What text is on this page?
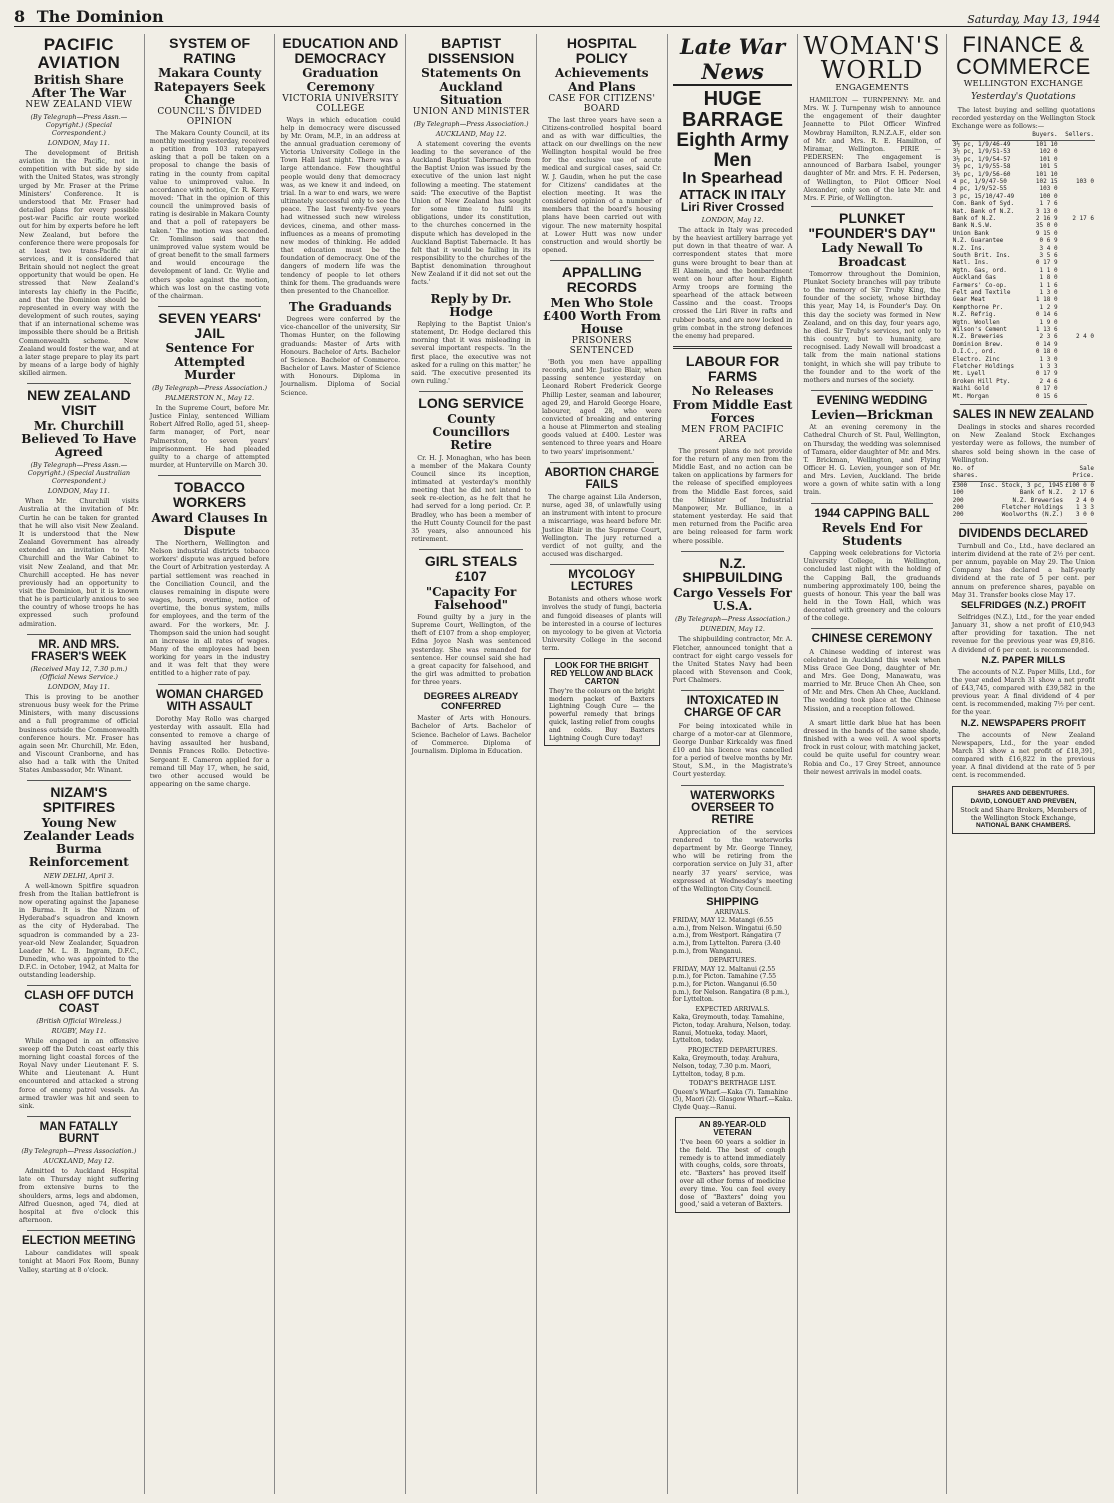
8 The Dominion	Saturday, May 13, 1944
PACIFIC AVIATION
British Share After The War
NEW ZEALAND VIEW
(By Telegraph—Press Assn.—Copyright.) (Special Correspondent.)
LONDON, May 11.
The development of British aviation in the Pacific, not in competition with but side by side with the United States, was strongly urged by Mr. Fraser at the Prime Ministers' Conference. It is understood that Mr. Fraser had detailed plans for every possible post-war Pacific air route worked out for him by experts before he left New Zealand, but before the conference there were proposals for at least two trans-Pacific air services, and it is considered that Britain should not neglect the great opportunity that would be open. He stressed that New Zealand's interests lay chiefly in the Pacific, and that the Dominion should be represented in every way with the development of such routes, saying that if an international scheme was impossible there should be a British Commonwealth scheme. New Zealand would foster the war, and at a later stage prepare to play its part by means of a large body of highly skilled airmen.
NEW ZEALAND VISIT
Mr. Churchill Believed To Have Agreed
(By Telegraph—Press Assn.—Copyright.) (Special Australian Correspondent.)
LONDON, May 11.
When Mr. Churchill visits Australia at the invitation of Mr. Curtin he can be taken for granted that he will also visit New Zealand. It is understood that the New Zealand Government has already extended an invitation to Mr. Churchill and the War Cabinet to visit New Zealand, and that Mr. Churchill accepted. He has never previously had an opportunity to visit the Dominion, but it is known that he is particularly anxious to see the country of whose troops he has expressed such profound admiration.
MR. AND MRS. FRASER'S WEEK
(Received May 12, 7.30 p.m.) (Official News Service.)
LONDON, May 11.
This is proving to be another strenuous busy week for the Prime Ministers, with many discussions and a full programme of official business outside the Commonwealth conference hours. Mr. Fraser has again seen Mr. Churchill, Mr. Eden, and Viscount Cranborne, and has also had a talk with the United States Ambassador, Mr. Winant.
NIZAM'S SPITFIRES
Young New Zealander Leads Burma Reinforcement
NEW DELHI, April 3.
A well-known Spitfire squadron fresh from the Italian battlefront is now operating against the Japanese in Burma. It is the Nizam of Hyderabad's squadron and known as the city of Hyderabad. The squadron is commanded by a 23-year-old New Zealander, Squadron Leader M. L. B. Ingram, D.F.C., Dunedin, who was appointed to the D.F.C. in October, 1942, at Malta for outstanding leadership.
CLASH OFF DUTCH COAST
(British Official Wireless.)
RUGBY, May 11.
While engaged in an offensive sweep off the Dutch coast early this morning light coastal forces of the Royal Navy under Lieutenant F. S. White and Lieutenant A. Hunt encountered and attacked a strong force of enemy patrol vessels. An armed trawler was hit and seen to sink.
MAN FATALLY BURNT
(By Telegraph—Press Association.)
AUCKLAND, May 12.
Admitted to Auckland Hospital late on Thursday night suffering from extensive burns to the shoulders, arms, legs and abdomen, Alfred Guesnon, aged 74, died at hospital at five o'clock this afternoon.
ELECTION MEETING
Labour candidates will speak tonight at Maori Fox Room, Bunny Valley, starting at 8 o'clock.
SYSTEM OF RATING
Makara County Ratepayers Seek Change
COUNCIL'S DIVIDED OPINION
The Makara County Council, at its monthly meeting yesterday, received a petition from 103 ratepayers asking that a poll be taken on a proposal to change the basis of rating in the county from capital value to unimproved value. In accordance with notice, Cr. R. Kerry moved: 'That in the opinion of this council the unimproved basis of rating is desirable in Makara County and that a poll of ratepayers be taken.' The motion was seconded. Cr. Tomlinson said that the unimproved value system would be of great benefit to the small farmers and would encourage the development of land. Cr. Wylie and others spoke against the motion, which was lost on the casting vote of the chairman.
SEVEN YEARS' JAIL
Sentence For Attempted Murder
(By Telegraph—Press Association.)
PALMERSTON N., May 12.
In the Supreme Court, before Mr. Justice Finlay, sentenced William Robert Alfred Rollo, aged 51, sheep-farm manager, of Port, near Palmerston, to seven years' imprisonment. He had pleaded guilty to a charge of attempted murder, at Hunterville on March 30.
TOBACCO WORKERS
Award Clauses In Dispute
The Northern, Wellington and Nelson industrial districts tobacco workers' dispute was argued before the Court of Arbitration yesterday. A partial settlement was reached in the Conciliation Council, and the clauses remaining in dispute were wages, hours, overtime, notice of overtime, the bonus system, mills for employees, and the term of the award. For the workers, Mr. J. Thompson said the union had sought an increase in all rates of wages. Many of the employees had been working for years in the industry and it was felt that they were entitled to a higher rate of pay.
WOMAN CHARGED WITH ASSAULT
Dorothy May Rollo was charged yesterday with assault. Ella had consented to remove a charge of having assaulted her husband, Dennis Frances Rollo. Detective-Sergeant E. Cameron applied for a remand till May 17, when, he said, two other accused would be appearing on the same charge.
EDUCATION AND DEMOCRACY
Graduation Ceremony
VICTORIA UNIVERSITY COLLEGE
Ways in which education could help in democracy were discussed by Mr. Oram, M.P., in an address at the annual graduation ceremony of Victoria University College in the Town Hall last night. There was a large attendance. Few thoughtful people would deny that democracy was, as we knew it and indeed, on trial. In a war to end wars, we were ultimately successful only to see the peace. The last twenty-five years had witnessed such new wireless devices, cinema, and other mass-influences as a means of promoting new modes of thinking. He added that education must be the foundation of democracy. One of the dangers of modern life was the tendency of people to let others think for them. The graduands were then presented to the Chancellor.
The Graduands
Degrees were conferred by the vice-chancellor of the university, Sir Thomas Hunter, on the following graduands: Master of Arts with Honours. Bachelor of Arts. Bachelor of Science. Bachelor of Commerce. Bachelor of Laws. Master of Science with Honours. Diploma in Journalism. Diploma of Social Science.
BAPTIST DISSENSION
Statements On Auckland Situation
UNION AND MINISTER
(By Telegraph—Press Association.)
AUCKLAND, May 12.
A statement covering the events leading to the severance of the Auckland Baptist Tabernacle from the Baptist Union was issued by the executive of the union last night following a meeting. The statement said: 'The executive of the Baptist Union of New Zealand has sought for some time to fulfil its obligations, under its constitution, to the churches concerned in the dispute which has developed in the Auckland Baptist Tabernacle. It has felt that it would be failing in its responsibility to the churches of the Baptist denomination throughout New Zealand if it did not set out the facts.'
Reply by Dr. Hodge
Replying to the Baptist Union's statement, Dr. Hodge declared this morning that it was misleading in several important respects. 'In the first place, the executive was not asked for a ruling on this matter,' he said. 'The executive presented its own ruling.'
LONG SERVICE
County Councillors Retire
Cr. H. J. Monaghan, who has been a member of the Makara County Council since its inception, intimated at yesterday's monthly meeting that he did not intend to seek re-election, as he felt that he had served for a long period. Cr. P. Bradley, who has been a member of the Hutt County Council for the past 35 years, also announced his retirement.
GIRL STEALS £107
"Capacity For Falsehood"
Found guilty by a jury in the Supreme Court, Wellington, of the theft of £107 from a shop employer, Edna Joyce Nash was sentenced yesterday. She was remanded for sentence. Her counsel said she had a great capacity for falsehood, and the girl was admitted to probation for three years.
DEGREES ALREADY CONFERRED
Master of Arts with Honours. Bachelor of Arts. Bachelor of Science. Bachelor of Laws. Bachelor of Commerce. Diploma of Journalism. Diploma in Education.
HOSPITAL POLICY
Achievements And Plans
CASE FOR CITIZENS' BOARD
The last three years have seen a Citizens-controlled hospital board and as with war difficulties, the attack on our dwellings on the new Wellington hospital would be free for the exclusive use of acute medical and surgical cases, said Cr. W. J. Gaudin, when he put the case for Citizens' candidates at the election meeting. It was the considered opinion of a number of members that the board's housing plans have been carried out with vigour. The new maternity hospital at Lower Hutt was now under construction and would shortly be opened.
APPALLING RECORDS
Men Who Stole £400 Worth From House
PRISONERS SENTENCED
'Both you men have appalling records, and Mr. Justice Blair, when passing sentence yesterday on Leonard Robert Frederick George Phillip Lester, seaman and labourer, aged 29, and Harold George Hoare, labourer, aged 28, who were convicted of breaking and entering a house at Plimmerton and stealing goods valued at £400. Lester was sentenced to three years and Hoare to two years' imprisonment.'
ABORTION CHARGE FAILS
The charge against Lila Anderson, nurse, aged 38, of unlawfully using an instrument with intent to procure a miscarriage, was heard before Mr. Justice Blair in the Supreme Court, Wellington. The jury returned a verdict of not guilty, and the accused was discharged.
MYCOLOGY LECTURES
Botanists and others whose work involves the study of fungi, bacteria and fungoid diseases of plants will be interested in a course of lectures on mycology to be given at Victoria University College in the second term.
LOOK FOR THE BRIGHT RED YELLOW AND BLACK CARTON
They're the colours on the bright modern packet of Baxters Lightning Cough Cure — the powerful remedy that brings quick, lasting relief from coughs and colds. Buy Baxters Lightning Cough Cure today!
Late War News
HUGE BARRAGE
Eighth Army Men
In Spearhead
ATTACK IN ITALY
Liri River Crossed
LONDON, May 12.
The attack in Italy was preceded by the heaviest artillery barrage yet put down in that theatre of war. A correspondent states that more guns were brought to bear than at El Alamein, and the bombardment went on hour after hour. Eighth Army troops are forming the spearhead of the attack between Cassino and the coast. Troops crossed the Liri River in rafts and rubber boats, and are now locked in grim combat in the strong defences the enemy had prepared.
LABOUR FOR FARMS
No Releases From Middle East Forces
MEN FROM PACIFIC AREA
The present plans do not provide for the return of any men from the Middle East, and no action can be taken on applications by farmers for the release of specified employees from the Middle East forces, said the Minister of Industrial Manpower, Mr. Bulliance, in a statement yesterday. He said that men returned from the Pacific area are being released for farm work where possible.
N.Z. SHIPBUILDING
Cargo Vessels For U.S.A.
(By Telegraph—Press Association.)
DUNEDIN, May 12.
The shipbuilding contractor, Mr. A. Fletcher, announced tonight that a contract for eight cargo vessels for the United States Navy had been placed with Stevenson and Cook, Port Chalmers.
INTOXICATED IN CHARGE OF CAR
For being intoxicated while in charge of a motor-car at Glenmore, George Dunbar Kirkcaldy was fined £10 and his licence was cancelled for a period of twelve months by Mr. Stout, S.M., in the Magistrate's Court yesterday.
WATERWORKS OVERSEER TO RETIRE
Appreciation of the services rendered to the waterworks department by Mr. George Tinney, who will be retiring from the corporation service on July 31, after nearly 37 years' service, was expressed at Wednesday's meeting of the Wellington City Council.
SHIPPING
ARRIVALS.
FRIDAY, MAY 12. Matangi (6.55 a.m.), from Nelson. Wingatui (6.50 a.m.), from Westport. Rangatira (7 a.m.), from Lyttelton. Parera (3.40 p.m.), from Wanganui.
DEPARTURES.
FRIDAY, MAY 12. Maltanui (2.55 p.m.), for Picton. Tamahine (7.55 p.m.), for Picton. Wanganui (6.50 p.m.), for Nelson. Rangatira (8 p.m.), for Lyttelton.
EXPECTED ARRIVALS.
Kaka, Greymouth, today. Tamahine, Picton, today. Arahura, Nelson, today. Ranui, Motueka, today. Maori, Lyttelton, today.
PROJECTED DEPARTURES.
Kaka, Greymouth, today. Arahura, Nelson, today, 7.30 p.m. Maori, Lyttelton, today, 8 p.m.
TODAY'S BERTHAGE LIST.
Queen's Wharf.—Kaka (7). Tamahine (5), Maori (2). Glasgow Wharf.—Kaka. Clyde Quay.—Ranui.
AN 89-YEAR-OLD VETERAN
'I've been 60 years a soldier in the field. The best of cough remedy is to attend immediately with coughs, colds, sore throats, etc. "Baxters" has proved itself over all other forms of medicine every time. You can feel every dose of "Baxters" doing you good,' said a veteran of Baxters.
WOMAN'S
WORLD
ENGAGEMENTS
HAMILTON — TURNPENNY: Mr. and Mrs. W. J. Turnpenny wish to announce the engagement of their daughter Jeannette to Pilot Officer Winfred Mowbray Hamilton, R.N.Z.A.F., elder son of Mr. and Mrs. R. E. Hamilton, of Miramar, Wellington. PIRIE — PEDERSEN: The engagement is announced of Barbara Isabel, younger daughter of Mr. and Mrs. F. H. Pedersen, of Wellington, to Pilot Officer Noel Alexander, only son of the late Mr. and Mrs. F. Pirie, of Wellington.
PLUNKET "FOUNDER'S DAY"
Lady Newall To Broadcast
Tomorrow throughout the Dominion, Plunket Society branches will pay tribute to the memory of Sir Truby King, the founder of the society, whose birthday this year, May 14, is Founder's Day. On this day the society was formed in New Zealand, and on this day, four years ago, he died. Sir Truby's services, not only to this country, but to humanity, are recognised. Lady Newall will broadcast a talk from the main national stations tonight, in which she will pay tribute to the founder and to the work of the mothers and nurses of the society.
EVENING WEDDING
Levien—Brickman
At an evening ceremony in the Cathedral Church of St. Paul, Wellington, on Thursday, the wedding was solemnised of Tamara, elder daughter of Mr. and Mrs. T. Brickman, Wellington, and Flying Officer H. G. Levien, younger son of Mr. and Mrs. Levien, Auckland. The bride wore a gown of white satin with a long train.
1944 CAPPING BALL
Revels End For Students
Capping week celebrations for Victoria University College, in Wellington, concluded last night with the holding of the Capping Ball, the graduands numbering approximately 100, being the guests of honour. This year the ball was held in the Town Hall, which was decorated with greenery and the colours of the college.
CHINESE CEREMONY
A Chinese wedding of interest was celebrated in Auckland this week when Miss Grace Gee Dong, daughter of Mr. and Mrs. Gee Dong, Manawatu, was married to Mr. Bruce Chen Ah Chee, son of Mr. and Mrs. Chen Ah Chee, Auckland. The wedding took place at the Chinese Mission, and a reception followed.
A smart little dark blue hat has been dressed in the bands of the same shade, finished with a wee veil. A wool sports frock in rust colour, with matching jacket, could be quite useful for country wear. Robia and Co., 17 Grey Street, announce their newest arrivals in model coats.
FINANCE &
COMMERCE
WELLINGTON EXCHANGE
Yesterday's Quotations
The latest buying and selling quotations recorded yesterday on the Wellington Stock Exchange were as follows:—
	Buyers.	Sellers.
3½ pc, 1/9/46-49	101 10	
3½ pc, 1/9/51-53	102 0	
3½ pc, 1/9/54-57	101 0	
3½ pc, 1/9/55-58	101 5	
3½ pc, 1/9/56-60	101 10	
4 pc, 1/9/47-50	102 15	103 0
4 pc, 1/9/52-55	103 0	
3 pc, 15/10/47-49	100 0	
Com. Bank of Syd.	1 7 6	
Nat. Bank of N.Z.	3 13 0	
Bank of N.Z.	2 16 9	2 17 6
Bank N.S.W.	35 0 0	
Union Bank	9 15 0	
N.Z. Guarantee	0 6 9	
N.Z. Ins.	3 4 0	
South Brit. Ins.	3 5 6	
Natl. Ins.	0 17 9	
Wgtn. Gas, ord.	1 1 0	
Auckland Gas	1 8 0	
Farmers' Co-op.	1 1 6	
Felt and Textile	1 3 0	
Gear Meat	1 18 0	
Kempthorne Pr.	1 2 9	
N.Z. Refrig.	0 14 6	
Wgtn. Woollen	1 9 0	
Wilson's Cement	1 13 6	
N.Z. Breweries	2 3 6	2 4 0
Dominion Brew.	0 14 9	
D.I.C., ord.	0 18 0	
Electro. Zinc	1 3 0	
Fletcher Holdings	1 3 3	
Mt. Lyell	0 17 9	
Broken Hill Pty.	2 4 6	
Waihi Gold	0 17 0	
Mt. Morgan	0 15 6	
SALES IN NEW ZEALAND
Dealings in stocks and shares recorded on New Zealand Stock Exchanges yesterday were as follows, the number of shares sold being shown in the case of Wellington.
No. of shares.		Sale Price.
£300	Insc. Stock, 3 pc, 1945	£100 0 0
100	Bank of N.Z.	2 17 6
200	N.Z. Breweries	2 4 0
200	Fletcher Holdings	1 3 3
200	Woolworths (N.Z.)	3 0 0
DIVIDENDS DECLARED
Turnbull and Co., Ltd., have declared an interim dividend at the rate of 2½ per cent. per annum, payable on May 29. The Union Company has declared a half-yearly dividend at the rate of 5 per cent. per annum on preference shares, payable on May 31. Transfer books close May 17.
SELFRIDGES (N.Z.) PROFIT
Selfridges (N.Z.), Ltd., for the year ended January 31, show a net profit of £10,943 after providing for taxation. The net revenue for the previous year was £9,816. A dividend of 6 per cent. is recommended.
N.Z. PAPER MILLS
The accounts of N.Z. Paper Mills, Ltd., for the year ended March 31 show a net profit of £43,745, compared with £39,582 in the previous year. A final dividend of 4 per cent. is recommended, making 7½ per cent. for the year.
N.Z. NEWSPAPERS PROFIT
The accounts of New Zealand Newspapers, Ltd., for the year ended March 31 show a net profit of £18,391, compared with £16,822 in the previous year. A final dividend at the rate of 5 per cent. is recommended.
SHARES AND DEBENTURES.
DAVID, LONGUET AND PREVBEN,
Stock and Share Brokers, Members of the Wellington Stock Exchange,
NATIONAL BANK CHAMBERS.
